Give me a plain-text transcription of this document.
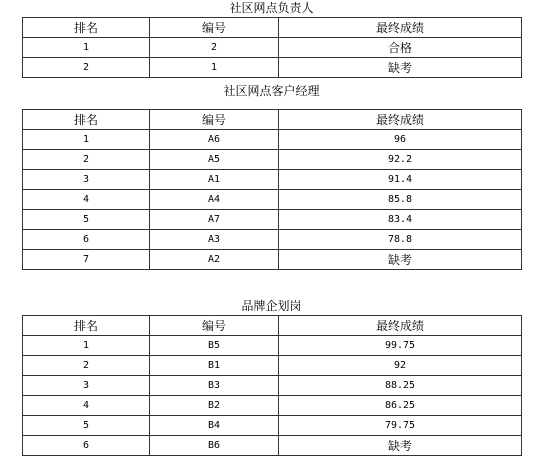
社区网点负责人
排名	编号	最终成绩
1	2	合格
2	1	缺考
社区网点客户经理
排名	编号	最终成绩
1	A6	96
2	A5	92.2
3	A1	91.4
4	A4	85.8
5	A7	83.4
6	A3	78.8
7	A2	缺考
品牌企划岗
排名	编号	最终成绩
1	B5	99.75
2	B1	92
3	B3	88.25
4	B2	86.25
5	B4	79.75
6	B6	缺考
